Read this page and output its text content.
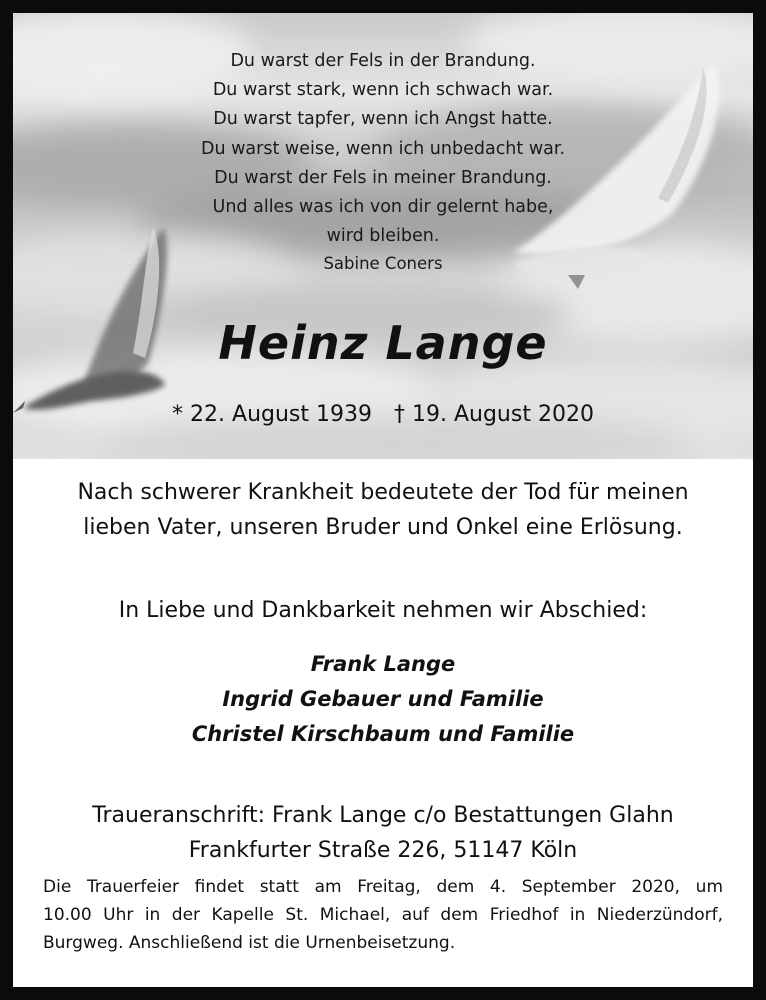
Du warst der Fels in der Brandung.
Du warst stark, wenn ich schwach war.
Du warst tapfer, wenn ich Angst hatte.
Du warst weise, wenn ich unbedacht war.
Du warst der Fels in meiner Brandung.
Und alles was ich von dir gelernt habe,
wird bleiben.
Sabine Coners
Heinz Lange
* 22. August 1939 † 19. August 2020
Nach schwerer Krankheit bedeutete der Tod für meinen
lieben Vater, unseren Bruder und Onkel eine Erlösung.
In Liebe und Dankbarkeit nehmen wir Abschied:
Frank Lange
Ingrid Gebauer und Familie
Christel Kirschbaum und Familie
Traueranschrift: Frank Lange c/o Bestattungen Glahn
Frankfurter Straße 226, 51147 Köln
Die Trauerfeier findet statt am Freitag, dem 4. September 2020, um
10.00 Uhr in der Kapelle St. Michael, auf dem Friedhof in Niederzündorf,
Burgweg. Anschließend ist die Urnenbeisetzung.
